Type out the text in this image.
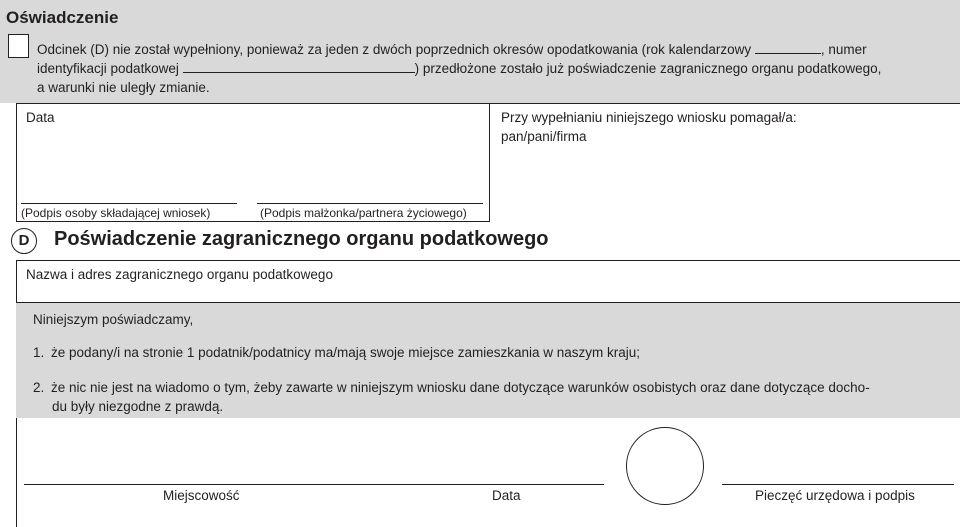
Oświadczenie
Odcinek (D) nie został wypełniony, ponieważ za jeden z dwóch poprzednich okresów opodatkowania (rok kalendarzowy	, numer
identyfikacji podatkowej	) przedłożone zostało już poświadczenie zagranicznego organu podatkowego,
a warunki nie uległy zmianie.
Data	Przy wypełnianiu niniejszego wniosku pomagał/a:
pan/pani/firma
(Podpis osoby składającej wniosek)	(Podpis małżonka/partnera życiowego)
D	Poświadczenie zagranicznego organu podatkowego
Nazwa i adres zagranicznego organu podatkowego
Niniejszym poświadczamy,
1. że podany/i na stronie 1 podatnik/podatnicy ma/mają swoje miejsce zamieszkania w naszym kraju;
2. że nic nie jest na wiadomo o tym, żeby zawarte w niniejszym wniosku dane dotyczące warunków osobistych oraz dane dotyczące docho-
du były niezgodne z prawdą.
Miejscowość	Data	Pieczęć urzędowa i podpis
